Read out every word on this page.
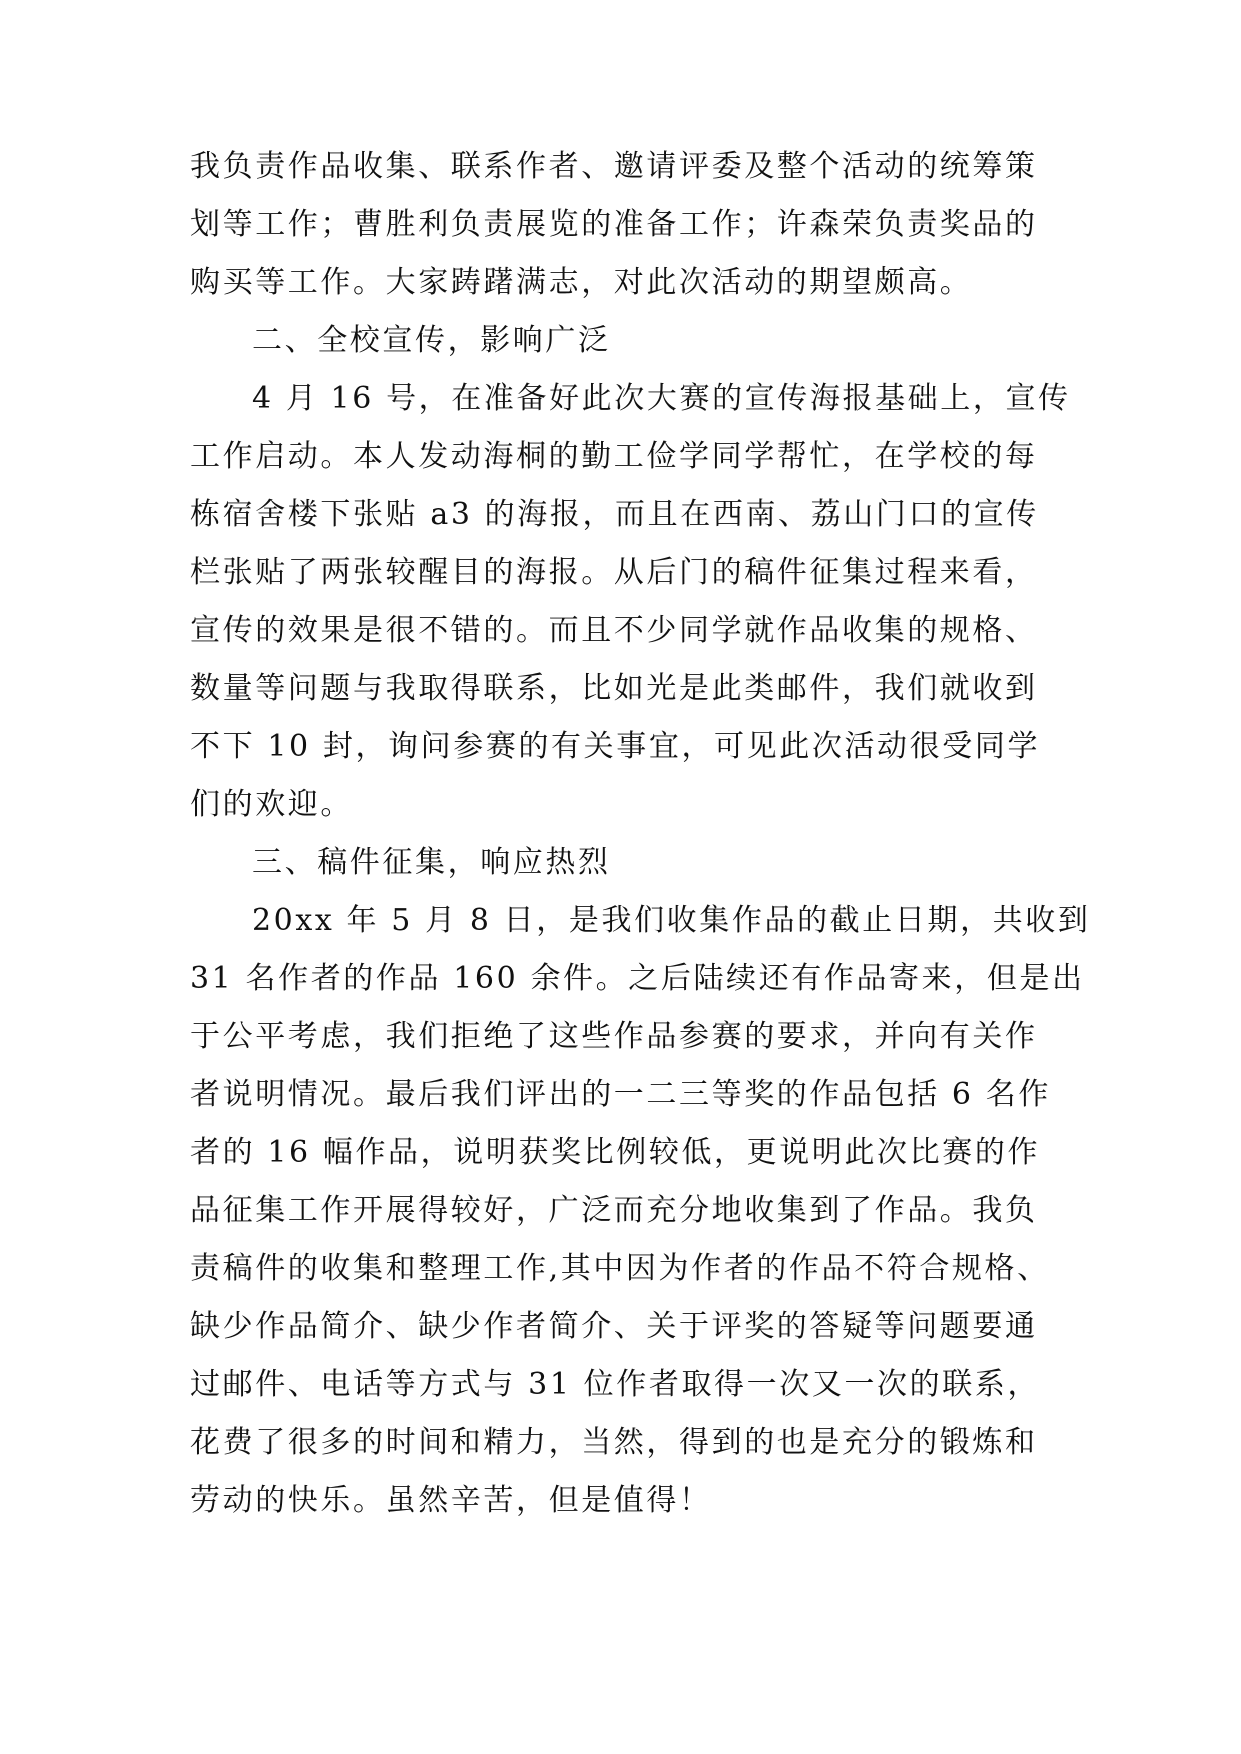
我负责作品收集、联系作者、邀请评委及整个活动的统筹策
划等工作；曹胜利负责展览的准备工作；许森荣负责奖品的
购买等工作。大家踌躇满志，对此次活动的期望颇高。
二、全校宣传，影响广泛
4 月 16 号，在准备好此次大赛的宣传海报基础上，宣传
工作启动。本人发动海桐的勤工俭学同学帮忙，在学校的每
栋宿舍楼下张贴 a3 的海报，而且在西南、荔山门口的宣传
栏张贴了两张较醒目的海报。从后门的稿件征集过程来看，
宣传的效果是很不错的。而且不少同学就作品收集的规格、
数量等问题与我取得联系，比如光是此类邮件，我们就收到
不下 10 封，询问参赛的有关事宜，可见此次活动很受同学
们的欢迎。
三、稿件征集，响应热烈
20xx 年 5 月 8 日，是我们收集作品的截止日期，共收到
31 名作者的作品 160 余件。之后陆续还有作品寄来，但是出
于公平考虑，我们拒绝了这些作品参赛的要求，并向有关作
者说明情况。最后我们评出的一二三等奖的作品包括 6 名作
者的 16 幅作品，说明获奖比例较低，更说明此次比赛的作
品征集工作开展得较好，广泛而充分地收集到了作品。我负
责稿件的收集和整理工作,其中因为作者的作品不符合规格、
缺少作品简介、缺少作者简介、关于评奖的答疑等问题要通
过邮件、电话等方式与 31 位作者取得一次又一次的联系，
花费了很多的时间和精力，当然，得到的也是充分的锻炼和
劳动的快乐。虽然辛苦，但是值得！
